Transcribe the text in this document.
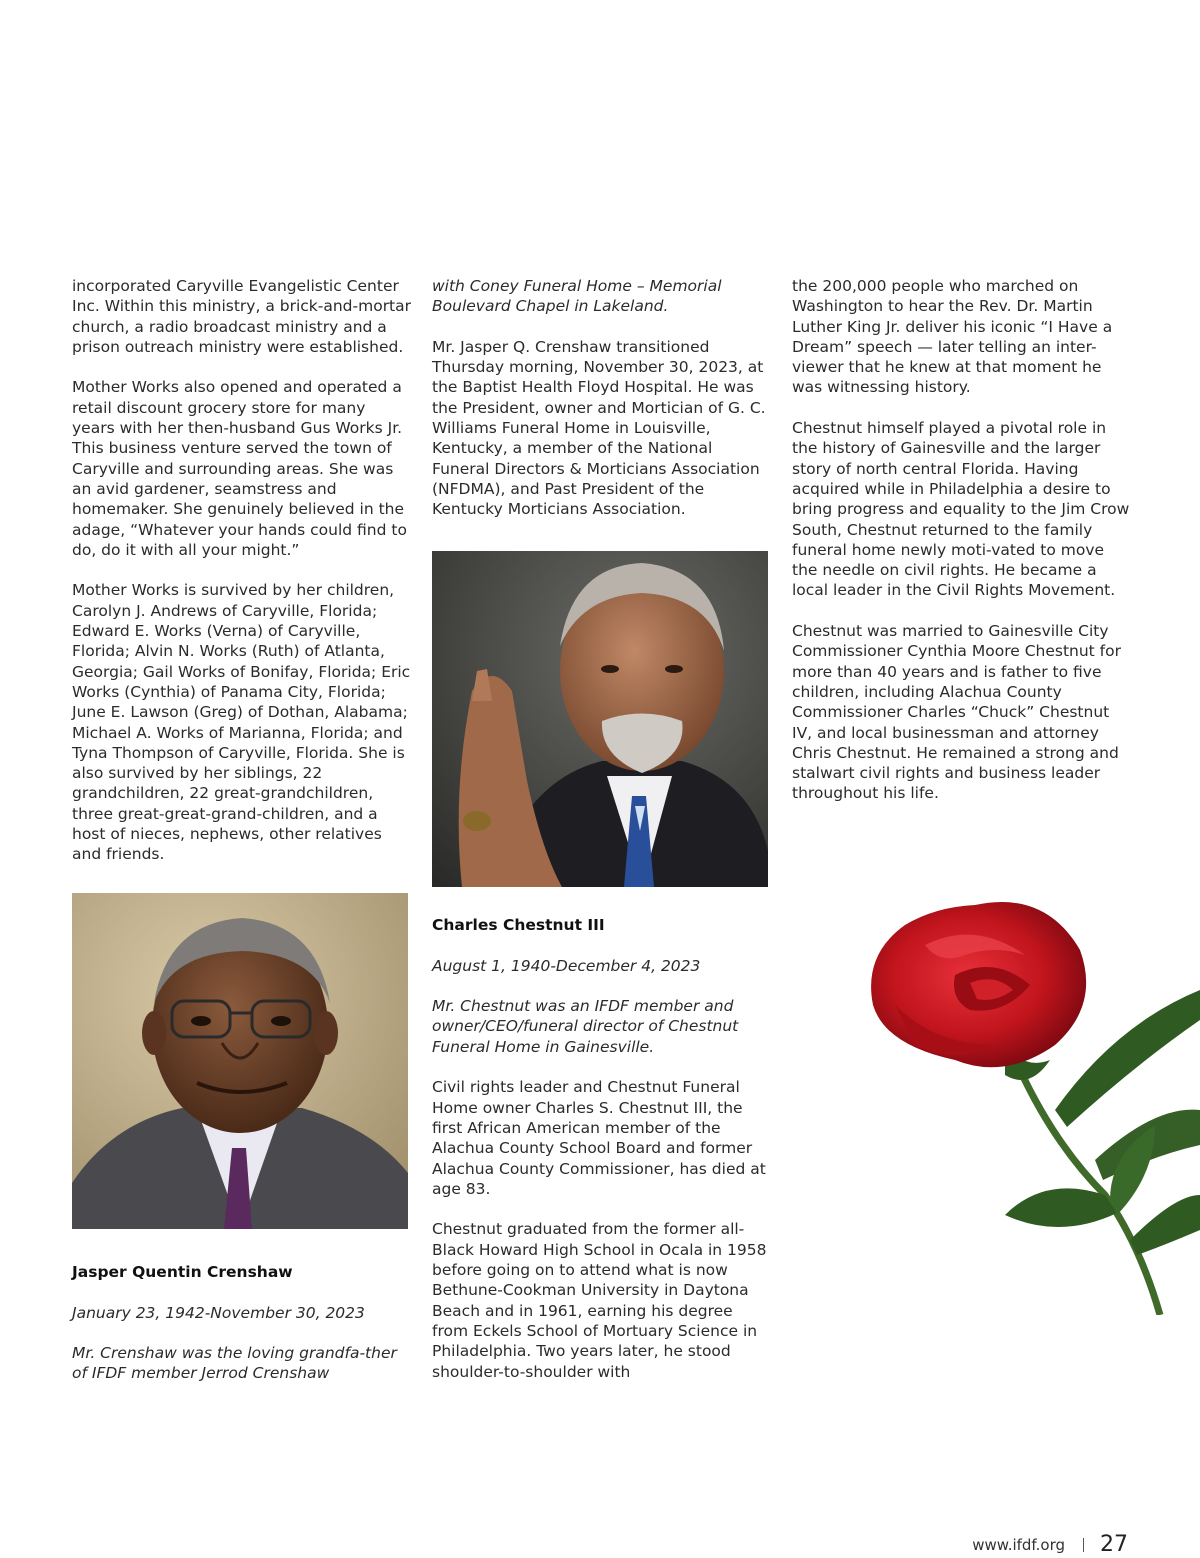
incorporated Caryville Evangelistic Center Inc. Within this ministry, a brick-and-mortar church, a radio broadcast ministry and a prison outreach ministry were established.

Mother Works also opened and operated a retail discount grocery store for many years with her then-husband Gus Works Jr. This business venture served the town of Caryville and surrounding areas. She was an avid gardener, seamstress and homemaker. She genuinely believed in the adage, “Whatever your hands could find to do, do it with all your might.”

Mother Works is survived by her children, Carolyn J. Andrews of Caryville, Florida; Edward E. Works (Verna) of Caryville, Florida; Alvin N. Works (Ruth) of Atlanta, Georgia; Gail Works of Bonifay, Florida; Eric Works (Cynthia) of Panama City, Florida; June E. Lawson (Greg) of Dothan, Alabama; Michael A. Works of Marianna, Florida; and Tyna Thompson of Caryville, Florida. She is also survived by her siblings, 22 grandchildren, 22 great-grandchildren, three great-great-grand-children, and a host of nieces, nephews, other relatives and friends.

Jasper Quentin Crenshaw

January 23, 1942-November 30, 2023

Mr. Crenshaw was the loving grandfa-ther of IFDF member Jerrod Crenshaw

with Coney Funeral Home – Memorial Boulevard Chapel in Lakeland.

Mr. Jasper Q. Crenshaw transitioned Thursday morning, November 30, 2023, at the Baptist Health Floyd Hospital. He was the President, owner and Mortician of G. C. Williams Funeral Home in Louisville, Kentucky, a member of the National Funeral Directors & Morticians Association (NFDMA), and Past President of the Kentucky Morticians Association.

Charles Chestnut III

August 1, 1940-December 4, 2023

Mr. Chestnut was an IFDF member and owner/CEO/funeral director of Chestnut Funeral Home in Gainesville.

Civil rights leader and Chestnut Funeral Home owner Charles S. Chestnut III, the first African American member of the Alachua County School Board and former Alachua County Commissioner, has died at age 83.

Chestnut graduated from the former all-Black Howard High School in Ocala in 1958 before going on to attend what is now Bethune-Cookman University in Daytona Beach and in 1961, earning his degree from Eckels School of Mortuary Science in Philadelphia. Two years later, he stood shoulder-to-shoulder with

the 200,000 people who marched on Washington to hear the Rev. Dr. Martin Luther King Jr. deliver his iconic “I Have a Dream” speech — later telling an inter-viewer that he knew at that moment he was witnessing history.

Chestnut himself played a pivotal role in the history of Gainesville and the larger story of north central Florida. Having acquired while in Philadelphia a desire to bring progress and equality to the Jim Crow South, Chestnut returned to the family funeral home newly moti-vated to move the needle on civil rights. He became a local leader in the Civil Rights Movement.

Chestnut was married to Gainesville City Commissioner Cynthia Moore Chestnut for more than 40 years and is father to five children, including Alachua County Commissioner Charles “Chuck” Chestnut IV, and local businessman and attorney Chris Chestnut. He remained a strong and stalwart civil rights and business leader throughout his life.

www.ifdf.org 27
